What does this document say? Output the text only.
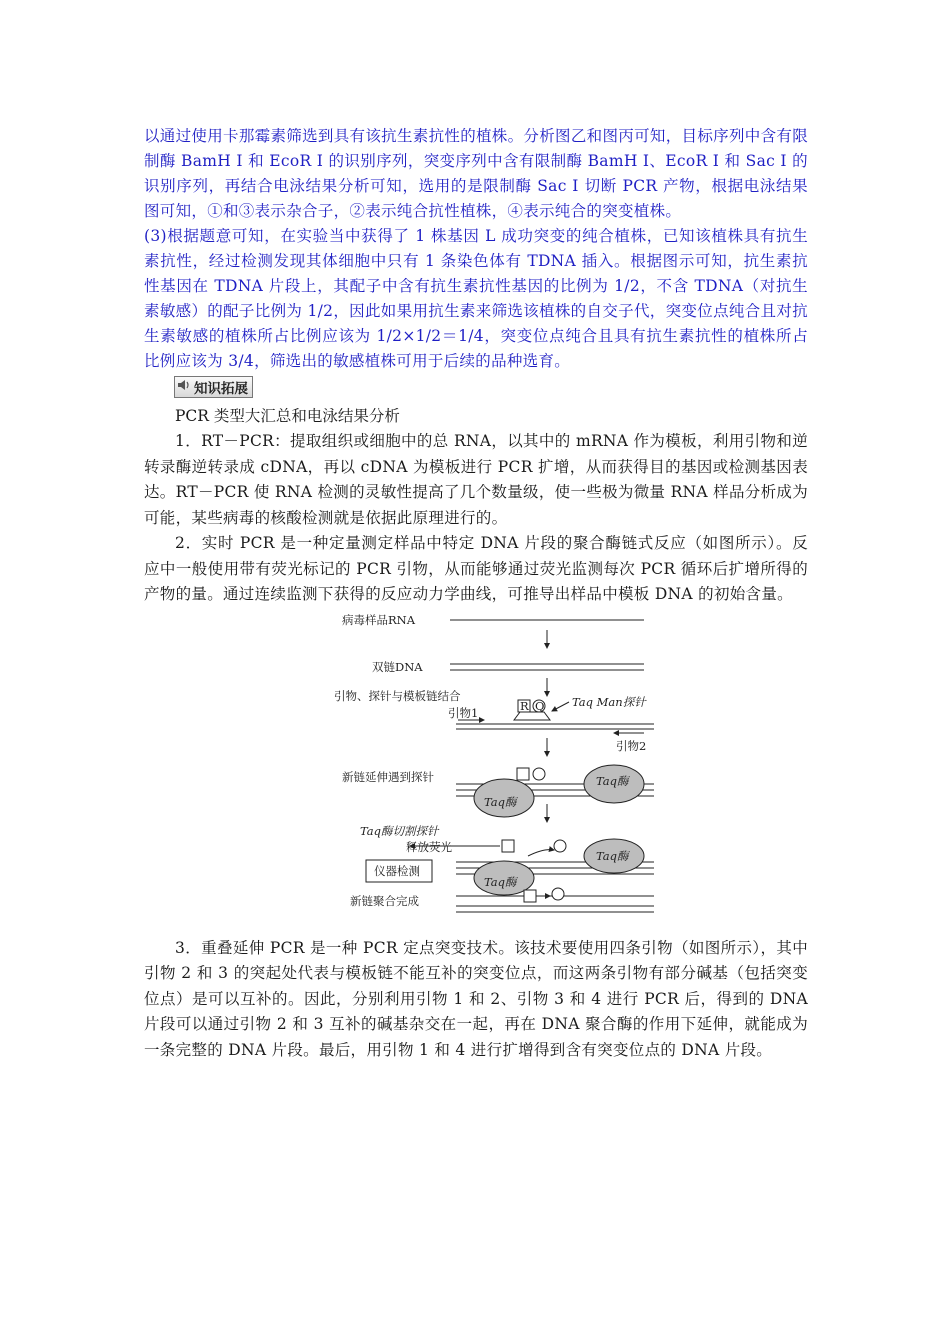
以通过使用卡那霉素筛选到具有该抗生素抗性的植株。分析图乙和图丙可知，目标序列中含有限制酶 BamH Ⅰ 和 EcoR Ⅰ 的识别序列，突变序列中含有限制酶 BamH Ⅰ、EcoR Ⅰ 和 Sac Ⅰ 的识别序列，再结合电泳结果分析可知，选用的是限制酶 Sac Ⅰ 切断 PCR 产物，根据电泳结果图可知，①和③表示杂合子，②表示纯合抗性植株，④表示纯合的突变植株。

(3)根据题意可知，在实验当中获得了 1 株基因 L 成功突变的纯合植株，已知该植株具有抗生素抗性，经过检测发现其体细胞中只有 1 条染色体有 TDNA 插入。根据图示可知，抗生素抗性基因在 TDNA 片段上，其配子中含有抗生素抗性基因的比例为 1/2，不含 TDNA（对抗生素敏感）的配子比例为 1/2，因此如果用抗生素来筛选该植株的自交子代，突变位点纯合且对抗生素敏感的植株所占比例应该为 1/2×1/2＝1/4，突变位点纯合且具有抗生素抗性的植株所占比例应该为 3/4，筛选出的敏感植株可用于后续的品种选育。

知识拓展
PCR 类型大汇总和电泳结果分析

1．RT－PCR：提取组织或细胞中的总 RNA，以其中的 mRNA 作为模板，利用引物和逆转录酶逆转录成 cDNA，再以 cDNA 为模板进行 PCR 扩增，从而获得目的基因或检测基因表达。RT－PCR 使 RNA 检测的灵敏性提高了几个数量级，使一些极为微量 RNA 样品分析成为可能，某些病毒的核酸检测就是依据此原理进行的。

2．实时 PCR 是一种定量测定样品中特定 DNA 片段的聚合酶链式反应（如图所示）。反应中一般使用带有荧光标记的 PCR 引物，从而能够通过荧光监测每次 PCR 循环后扩增所得的产物的量。通过连续监测下获得的反应动力学曲线，可推导出样品中模板 DNA 的初始含量。

病毒样品RNA
双链DNA
引物、探针与模板链结合
引物1
引物2
Taq Man探针
R Q
新链延伸遇到探针
Taq酶
Taq酶
Taq酶切割探针
释放荧光
仪器检测
Taq酶
Taq酶
新链聚合完成

3．重叠延伸 PCR 是一种 PCR 定点突变技术。该技术要使用四条引物（如图所示），其中引物 2 和 3 的突起处代表与模板链不能互补的突变位点，而这两条引物有部分碱基（包括突变位点）是可以互补的。因此，分别利用引物 1 和 2、引物 3 和 4 进行 PCR 后，得到的 DNA 片段可以通过引物 2 和 3 互补的碱基杂交在一起，再在 DNA 聚合酶的作用下延伸，就能成为一条完整的 DNA 片段。最后，用引物 1 和 4 进行扩增得到含有突变位点的 DNA 片段。
